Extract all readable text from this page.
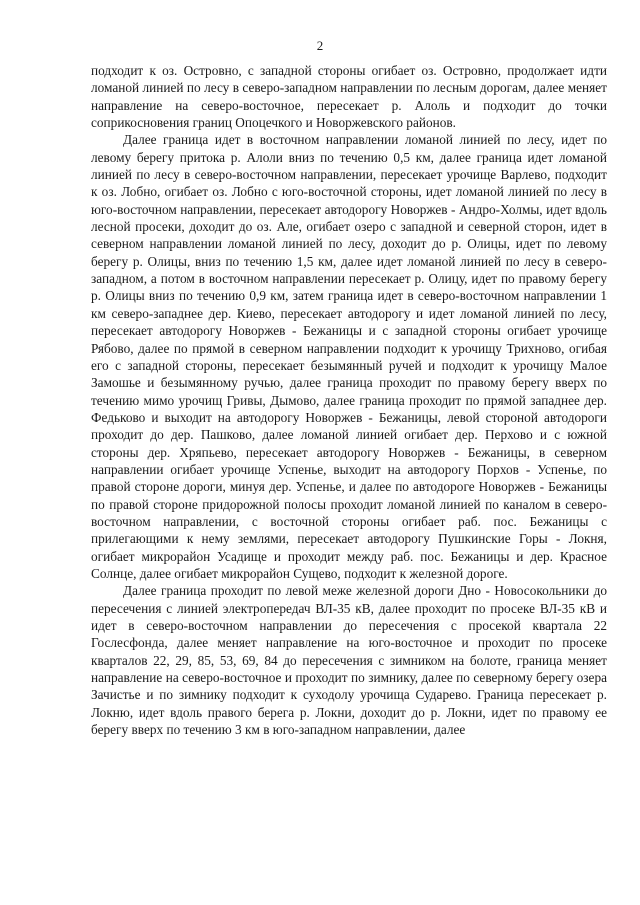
2

подходит к оз. Островно, с западной стороны огибает оз. Островно, продолжает идти ломаной линией по лесу в северо-западном направлении по лесным дорогам, далее меняет направление на северо-восточное, пересекает р. Алоль и подходит до точки соприкосновения границ Опоцечкого и Новоржевского районов.

Далее граница идет в восточном направлении ломаной линией по лесу, идет по левому берегу притока р. Алоли вниз по течению 0,5 км, далее граница идет ломаной линией по лесу в северо-восточном направлении, пересекает урочище Варлево, подходит к оз. Лобно, огибает оз. Лобно с юго-восточной стороны, идет ломаной линией по лесу в юго-восточном направлении, пересекает автодорогу Новоржев - Андро-Холмы, идет вдоль лесной просеки, доходит до оз. Але, огибает озеро с западной и северной сторон, идет в северном направлении ломаной линией по лесу, доходит до р. Олицы, идет по левому берегу р. Олицы, вниз по течению 1,5 км, далее идет ломаной линией по лесу в северо-западном, а потом в восточном направлении пересекает р. Олицу, идет по правому берегу р. Олицы вниз по течению 0,9 км, затем граница идет в северо-восточном направлении 1 км северо-западнее дер. Киево, пересекает автодорогу и идет ломаной линией по лесу, пересекает автодорогу Новоржев - Бежаницы и с западной стороны огибает урочище Рябово, далее по прямой в северном направлении подходит к урочищу Трихново, огибая его с западной стороны, пересекает безымянный ручей и подходит к урочищу Малое Замошье и безымянному ручью, далее граница проходит по правому берегу вверх по течению мимо урочищ Гривы, Дымово, далее граница проходит по прямой западнее дер. Федьково и выходит на автодорогу Новоржев - Бежаницы, левой стороной автодороги проходит до дер. Пашково, далее ломаной линией огибает дер. Перхово и с южной стороны дер. Хряпьево, пересекает автодорогу Новоржев - Бежаницы, в северном направлении огибает урочище Успенье, выходит на автодорогу Порхов - Успенье, по правой стороне дороги, минуя дер. Успенье, и далее по автодороге Новоржев - Бежаницы по правой стороне придорожной полосы проходит ломаной линией по каналом в северо-восточном направлении, с восточной стороны огибает раб. пос. Бежаницы с прилегающими к нему землями, пересекает автодорогу Пушкинские Горы - Локня, огибает микрорайон Усадище и проходит между раб. пос. Бежаницы и дер. Красное Солнце, далее огибает микрорайон Сущево, подходит к железной дороге.

Далее граница проходит по левой меже железной дороги Дно - Новосокольники до пересечения с линией электропередач ВЛ-35 кВ, далее проходит по просеке ВЛ-35 кВ и идет в северо-восточном направлении до пересечения с просекой квартала 22 Гослесфонда, далее меняет направление на юго-восточное и проходит по просеке кварталов 22, 29, 85, 53, 69, 84 до пересечения с зимником на болоте, граница меняет направление на северо-восточное и проходит по зимнику, далее по северному берегу озера Зачистье и по зимнику подходит к суходолу урочища Сударево. Граница пересекает р. Локню, идет вдоль правого берега р. Локни, доходит до р. Локни, идет по правому ее берегу вверх по течению 3 км в юго-западном направлении, далее
